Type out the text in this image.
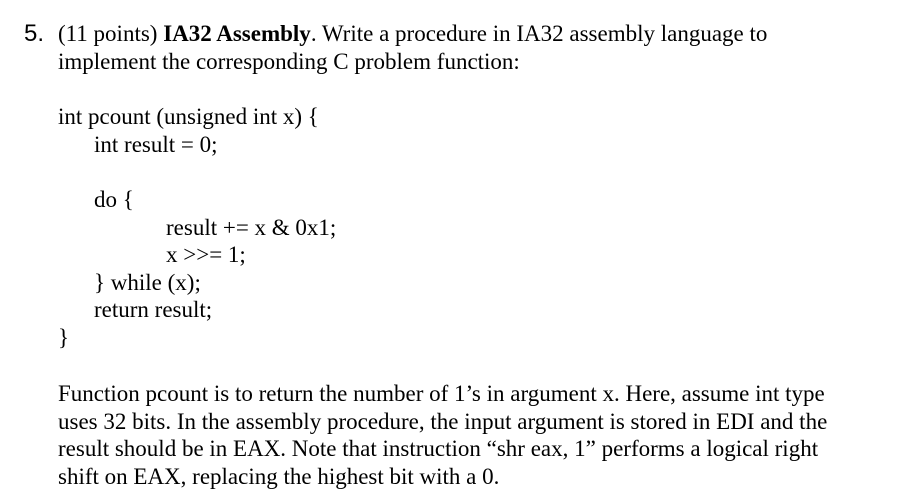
5. (11 points) IA32 Assembly. Write a procedure in IA32 assembly language to
implement the corresponding C problem function:
int pcount (unsigned int x) {
int result = 0;
do {
result += x & 0x1;
x >>= 1;
} while (x);
return result;
}
Function pcount is to return the number of 1’s in argument x. Here, assume int type
uses 32 bits. In the assembly procedure, the input argument is stored in EDI and the
result should be in EAX. Note that instruction “shr eax, 1” performs a logical right
shift on EAX, replacing the highest bit with a 0.
